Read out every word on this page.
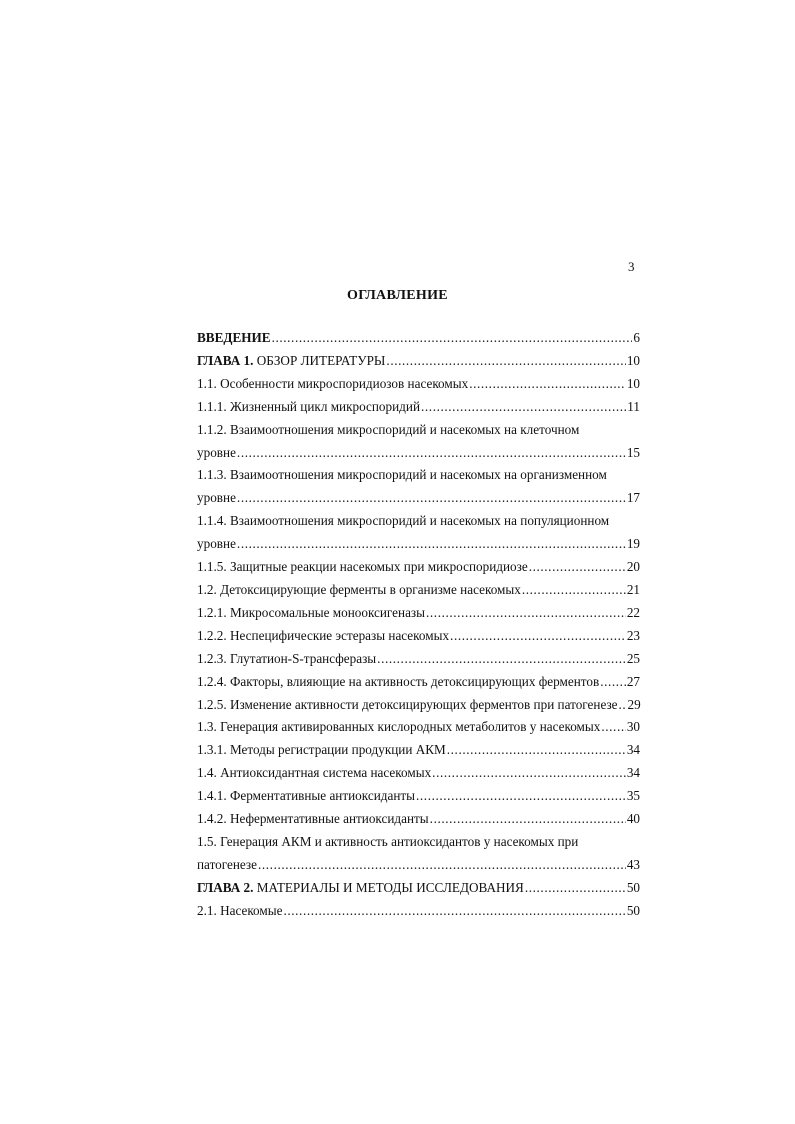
3
ОГЛАВЛЕНИЕ
ВВЕДЕНИЕ .....	6
ГЛАВА 1. ОБЗОР ЛИТЕРАТУРЫ .....	10
1.1. Особенности микроспоридиозов насекомых .....	10
1.1.1. Жизненный цикл микроспоридий .....	11
1.1.2. Взаимоотношения микроспоридий и насекомых на клеточном
уровне .....	15
1.1.3. Взаимоотношения микроспоридий и насекомых на организменном
уровне .....	17
1.1.4. Взаимоотношения микроспоридий и насекомых на популяционном
уровне .....	19
1.1.5. Защитные реакции насекомых при микроспоридиозе .....	20
1.2. Детоксицирующие ферменты в организме насекомых .....	21
1.2.1. Микросомальные монооксигеназы .....	22
1.2.2. Неспецифические эстеразы насекомых .....	23
1.2.3. Глутатион-S-трансферазы .....	25
1.2.4. Факторы, влияющие на активность детоксицирующих ферментов ..... 27
1.2.5. Изменение активности детоксицирующих ферментов при патогенезе ..... 29
1.3. Генерация активированных кислородных метаболитов у насекомых ..... 30
1.3.1. Методы регистрации продукции АКМ .....	34
1.4. Антиоксидантная система насекомых .....	34
1.4.1. Ферментативные антиоксиданты .....	35
1.4.2. Неферментативные антиоксиданты .....	40
1.5. Генерация АКМ и активность антиоксидантов у насекомых при
патогенезе .....	43
ГЛАВА 2. МАТЕРИАЛЫ И МЕТОДЫ ИССЛЕДОВАНИЯ .....	50
2.1. Насекомые .....	50
